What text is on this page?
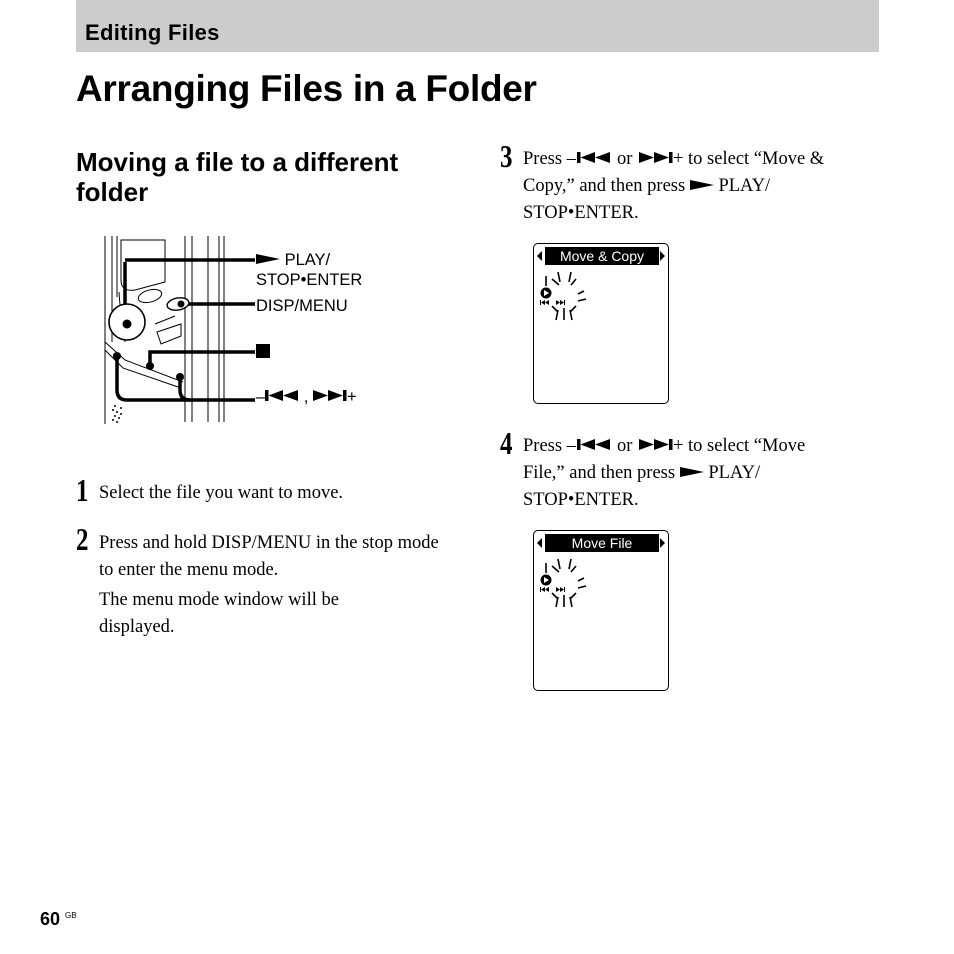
Editing Files
Arranging Files in a Folder
Moving a file to a different folder
PLAY/
STOP•ENTER
DISP/MENU
– , +
1 Select the file you want to move.
2 Press and hold DISP/MENU in the stop mode to enter the menu mode.
The menu mode window will be displayed.
3 Press – or + to select “Move &
Copy,” and then press PLAY/
STOP•ENTER.
Move & Copy
4 Press – or + to select “Move
File,” and then press PLAY/
STOP•ENTER.
Move File
60 GB
